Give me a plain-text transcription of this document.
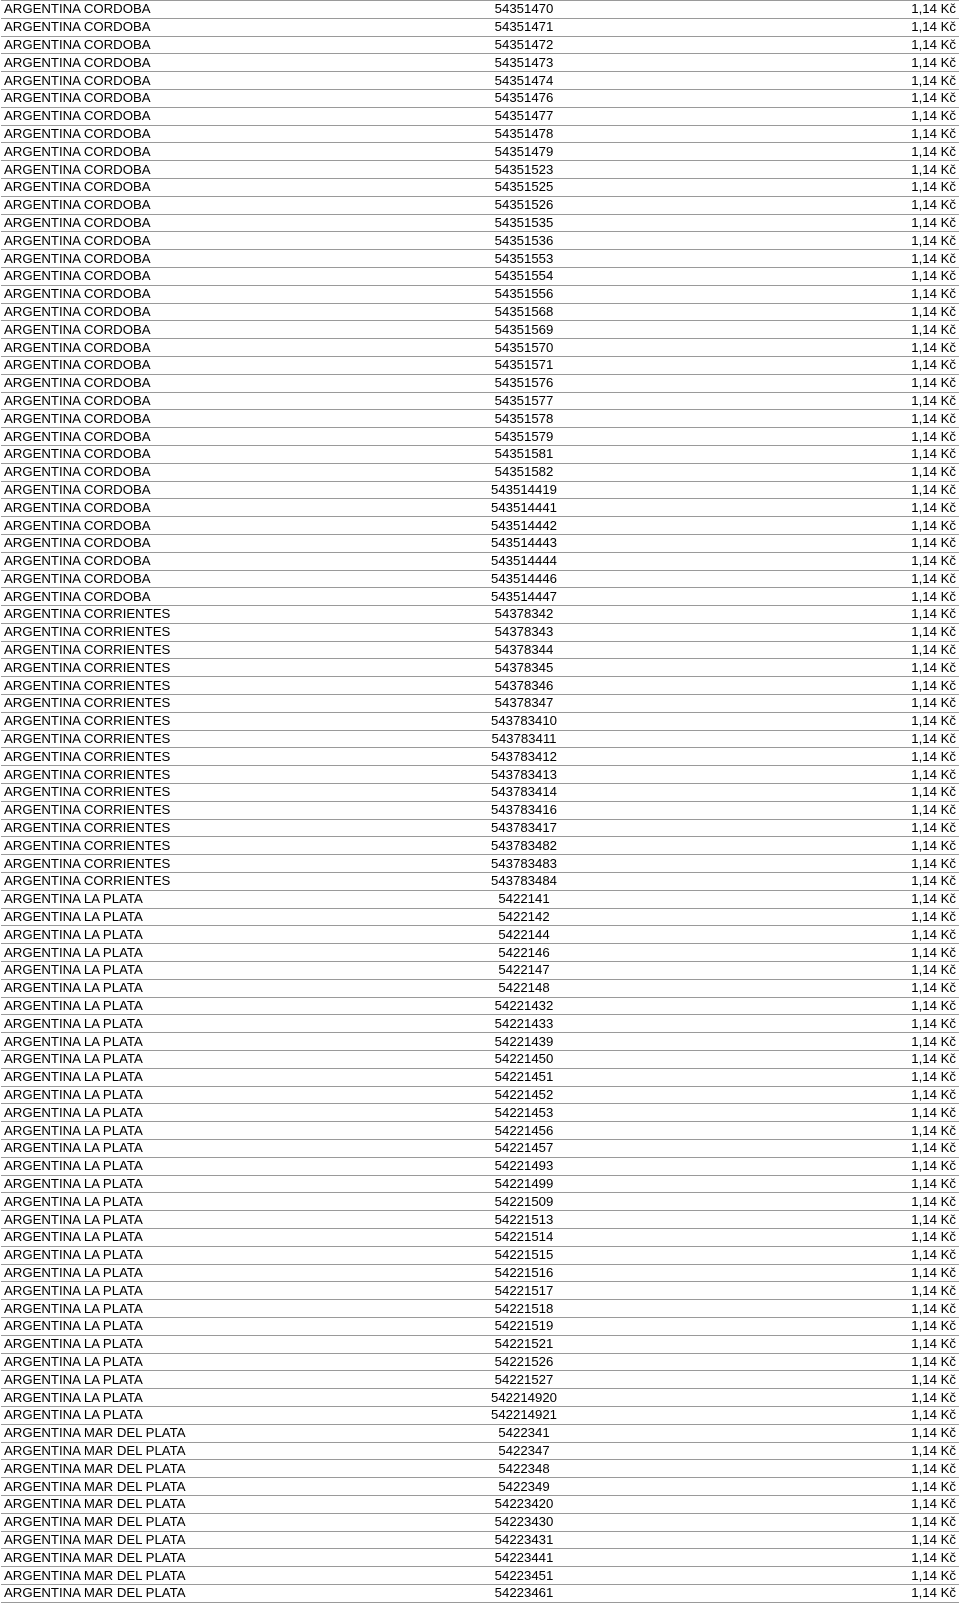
ARGENTINA CORDOBA	54351470	1,14 Kč
ARGENTINA CORDOBA	54351471	1,14 Kč
ARGENTINA CORDOBA	54351472	1,14 Kč
ARGENTINA CORDOBA	54351473	1,14 Kč
ARGENTINA CORDOBA	54351474	1,14 Kč
ARGENTINA CORDOBA	54351476	1,14 Kč
ARGENTINA CORDOBA	54351477	1,14 Kč
ARGENTINA CORDOBA	54351478	1,14 Kč
ARGENTINA CORDOBA	54351479	1,14 Kč
ARGENTINA CORDOBA	54351523	1,14 Kč
ARGENTINA CORDOBA	54351525	1,14 Kč
ARGENTINA CORDOBA	54351526	1,14 Kč
ARGENTINA CORDOBA	54351535	1,14 Kč
ARGENTINA CORDOBA	54351536	1,14 Kč
ARGENTINA CORDOBA	54351553	1,14 Kč
ARGENTINA CORDOBA	54351554	1,14 Kč
ARGENTINA CORDOBA	54351556	1,14 Kč
ARGENTINA CORDOBA	54351568	1,14 Kč
ARGENTINA CORDOBA	54351569	1,14 Kč
ARGENTINA CORDOBA	54351570	1,14 Kč
ARGENTINA CORDOBA	54351571	1,14 Kč
ARGENTINA CORDOBA	54351576	1,14 Kč
ARGENTINA CORDOBA	54351577	1,14 Kč
ARGENTINA CORDOBA	54351578	1,14 Kč
ARGENTINA CORDOBA	54351579	1,14 Kč
ARGENTINA CORDOBA	54351581	1,14 Kč
ARGENTINA CORDOBA	54351582	1,14 Kč
ARGENTINA CORDOBA	543514419	1,14 Kč
ARGENTINA CORDOBA	543514441	1,14 Kč
ARGENTINA CORDOBA	543514442	1,14 Kč
ARGENTINA CORDOBA	543514443	1,14 Kč
ARGENTINA CORDOBA	543514444	1,14 Kč
ARGENTINA CORDOBA	543514446	1,14 Kč
ARGENTINA CORDOBA	543514447	1,14 Kč
ARGENTINA CORRIENTES	54378342	1,14 Kč
ARGENTINA CORRIENTES	54378343	1,14 Kč
ARGENTINA CORRIENTES	54378344	1,14 Kč
ARGENTINA CORRIENTES	54378345	1,14 Kč
ARGENTINA CORRIENTES	54378346	1,14 Kč
ARGENTINA CORRIENTES	54378347	1,14 Kč
ARGENTINA CORRIENTES	543783410	1,14 Kč
ARGENTINA CORRIENTES	543783411	1,14 Kč
ARGENTINA CORRIENTES	543783412	1,14 Kč
ARGENTINA CORRIENTES	543783413	1,14 Kč
ARGENTINA CORRIENTES	543783414	1,14 Kč
ARGENTINA CORRIENTES	543783416	1,14 Kč
ARGENTINA CORRIENTES	543783417	1,14 Kč
ARGENTINA CORRIENTES	543783482	1,14 Kč
ARGENTINA CORRIENTES	543783483	1,14 Kč
ARGENTINA CORRIENTES	543783484	1,14 Kč
ARGENTINA LA PLATA	5422141	1,14 Kč
ARGENTINA LA PLATA	5422142	1,14 Kč
ARGENTINA LA PLATA	5422144	1,14 Kč
ARGENTINA LA PLATA	5422146	1,14 Kč
ARGENTINA LA PLATA	5422147	1,14 Kč
ARGENTINA LA PLATA	5422148	1,14 Kč
ARGENTINA LA PLATA	54221432	1,14 Kč
ARGENTINA LA PLATA	54221433	1,14 Kč
ARGENTINA LA PLATA	54221439	1,14 Kč
ARGENTINA LA PLATA	54221450	1,14 Kč
ARGENTINA LA PLATA	54221451	1,14 Kč
ARGENTINA LA PLATA	54221452	1,14 Kč
ARGENTINA LA PLATA	54221453	1,14 Kč
ARGENTINA LA PLATA	54221456	1,14 Kč
ARGENTINA LA PLATA	54221457	1,14 Kč
ARGENTINA LA PLATA	54221493	1,14 Kč
ARGENTINA LA PLATA	54221499	1,14 Kč
ARGENTINA LA PLATA	54221509	1,14 Kč
ARGENTINA LA PLATA	54221513	1,14 Kč
ARGENTINA LA PLATA	54221514	1,14 Kč
ARGENTINA LA PLATA	54221515	1,14 Kč
ARGENTINA LA PLATA	54221516	1,14 Kč
ARGENTINA LA PLATA	54221517	1,14 Kč
ARGENTINA LA PLATA	54221518	1,14 Kč
ARGENTINA LA PLATA	54221519	1,14 Kč
ARGENTINA LA PLATA	54221521	1,14 Kč
ARGENTINA LA PLATA	54221526	1,14 Kč
ARGENTINA LA PLATA	54221527	1,14 Kč
ARGENTINA LA PLATA	542214920	1,14 Kč
ARGENTINA LA PLATA	542214921	1,14 Kč
ARGENTINA MAR DEL PLATA	5422341	1,14 Kč
ARGENTINA MAR DEL PLATA	5422347	1,14 Kč
ARGENTINA MAR DEL PLATA	5422348	1,14 Kč
ARGENTINA MAR DEL PLATA	5422349	1,14 Kč
ARGENTINA MAR DEL PLATA	54223420	1,14 Kč
ARGENTINA MAR DEL PLATA	54223430	1,14 Kč
ARGENTINA MAR DEL PLATA	54223431	1,14 Kč
ARGENTINA MAR DEL PLATA	54223441	1,14 Kč
ARGENTINA MAR DEL PLATA	54223451	1,14 Kč
ARGENTINA MAR DEL PLATA	54223461	1,14 Kč
